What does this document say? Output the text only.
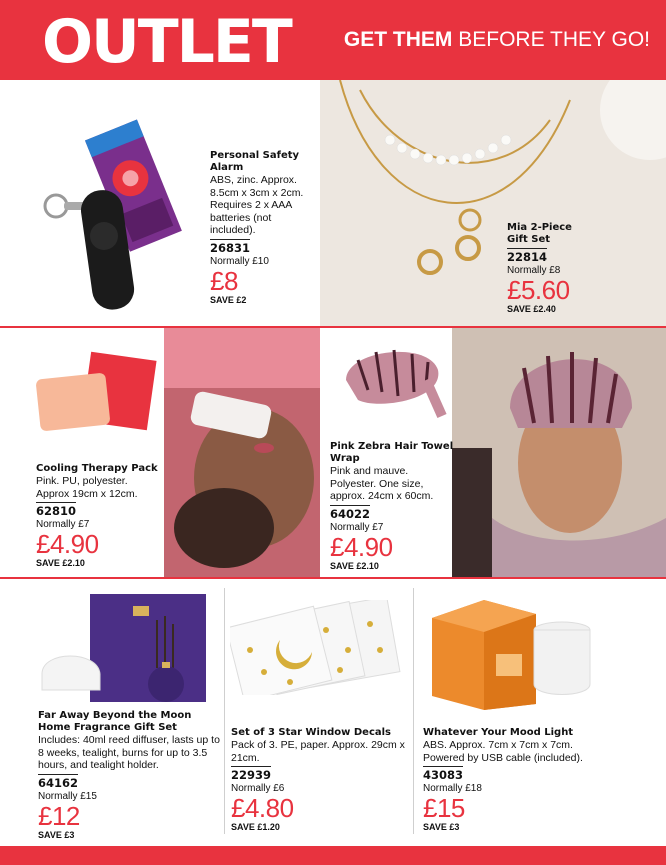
OUTLET	GET THEM BEFORE THEY GO!
Personal Safety Alarm
ABS, zinc. Approx. 8.5cm x 3cm x 2cm. Requires 2 x AAA batteries (not included).
26831
Normally £10
£8
SAVE £2
Mia 2-Piece Gift Set
22814
Normally £8
£5.60
SAVE £2.40
Cooling Therapy Pack
Pink. PU, polyester. Approx 19cm x 12cm.
62810
Normally £7
£4.90
SAVE £2.10
Pink Zebra Hair Towel Wrap
Pink and mauve. Polyester. One size, approx. 24cm x 60cm.
64022
Normally £7
£4.90
SAVE £2.10
Far Away Beyond the Moon Home Fragrance Gift Set
Includes: 40ml reed diffuser, lasts up to 8 weeks, tealight, burns for up to 3.5 hours, and tealight holder.
64162
Normally £15
£12
SAVE £3
Set of 3 Star Window Decals
Pack of 3. PE, paper. Approx. 29cm x 21cm.
22939
Normally £6
£4.80
SAVE £1.20
Whatever Your Mood Light
ABS. Approx. 7cm x 7cm x 7cm. Powered by USB cable (included).
43083
Normally £18
£15
SAVE £3
